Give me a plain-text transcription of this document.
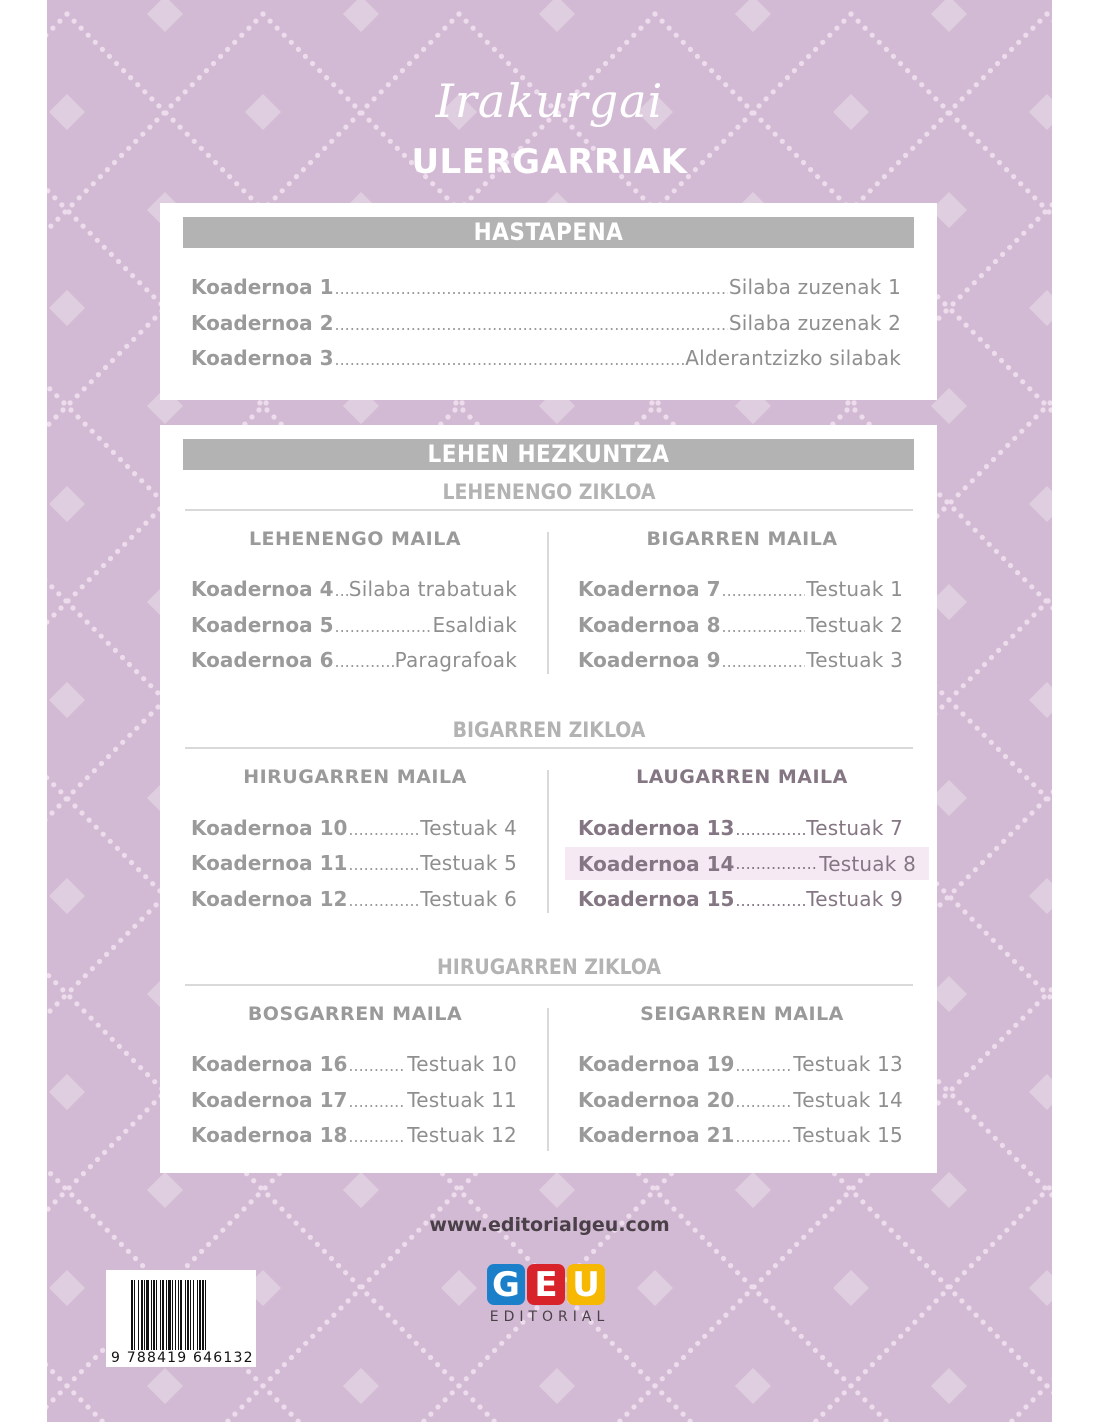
Irakurgai
ULERGARRIAK
HASTAPENA
Koadernoa 1 .....	Silaba zuzenak 1
Koadernoa 2 .....	Silaba zuzenak 2
Koadernoa 3 .....	Alderantzizko silabak
LEHEN HEZKUNTZA
LEHENENGO ZIKLOA
LEHENENGO MAILA	BIGARREN MAILA
Koadernoa 4 ..... Silaba trabatuak
Koadernoa 5 .....	Esaldiak
Koadernoa 6 .....	Paragrafoak
Koadernoa 7 .....	Testuak 1
Koadernoa 8 .....	Testuak 2
Koadernoa 9 .....	Testuak 3
BIGARREN ZIKLOA
HIRUGARREN MAILA	LAUGARREN MAILA
Koadernoa 10 .....	Testuak 4
Koadernoa 11 .....	Testuak 5
Koadernoa 12 .....	Testuak 6
Koadernoa 13 .....	Testuak 7
Koadernoa 14 .....	Testuak 8
Koadernoa 15 .....	Testuak 9
HIRUGARREN ZIKLOA
BOSGARREN MAILA	SEIGARREN MAILA
Koadernoa 16 .....	Testuak 10
Koadernoa 17 .....	Testuak 11
Koadernoa 18 .....	Testuak 12
Koadernoa 19 .....	Testuak 13
Koadernoa 20 .....	Testuak 14
Koadernoa 21 .....	Testuak 15
www.editorialgeu.com
G E U
EDITORIAL
9 788419 646132
